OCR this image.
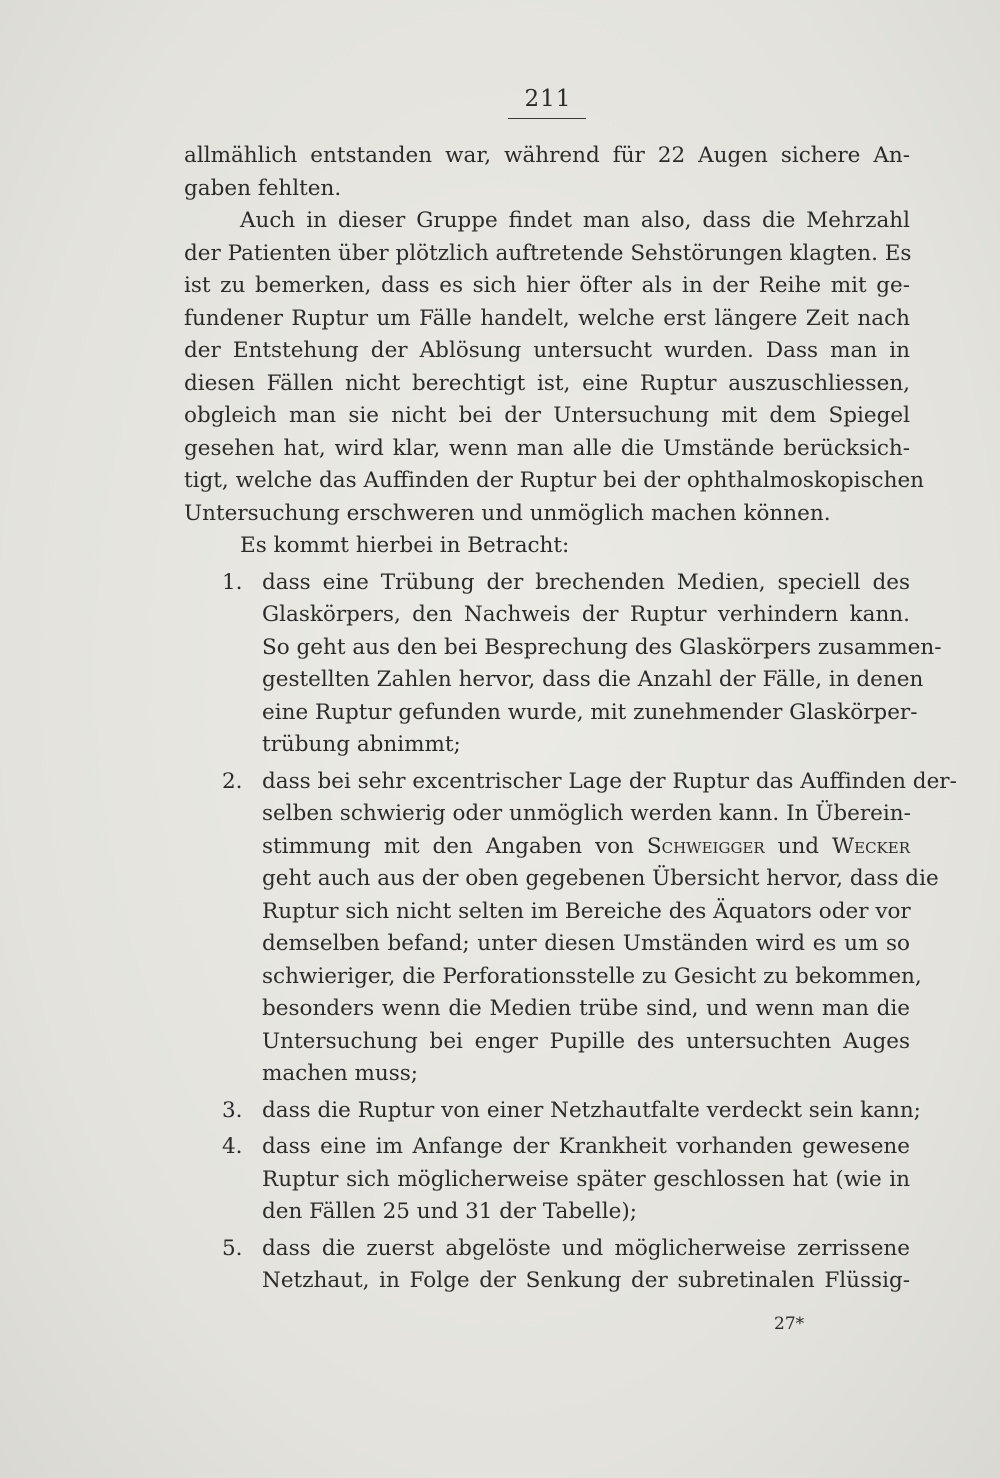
211

allmählich entstanden war, während für 22 Augen sichere An-
gaben fehlten.

Auch in dieser Gruppe findet man also, dass die Mehrzahl
der Patienten über plötzlich auftretende Sehstörungen klagten. Es
ist zu bemerken, dass es sich hier öfter als in der Reihe mit ge-
fundener Ruptur um Fälle handelt, welche erst längere Zeit nach
der Entstehung der Ablösung untersucht wurden. Dass man in
diesen Fällen nicht berechtigt ist, eine Ruptur auszuschliessen,
obgleich man sie nicht bei der Untersuchung mit dem Spiegel
gesehen hat, wird klar, wenn man alle die Umstände berücksich-
tigt, welche das Auffinden der Ruptur bei der ophthalmoskopischen
Untersuchung erschweren und unmöglich machen können.

Es kommt hierbei in Betracht:

1. dass eine Trübung der brechenden Medien, speciell des
Glaskörpers, den Nachweis der Ruptur verhindern kann.
So geht aus den bei Besprechung des Glaskörpers zusammen-
gestellten Zahlen hervor, dass die Anzahl der Fälle, in denen
eine Ruptur gefunden wurde, mit zunehmender Glaskörper-
trübung abnimmt;
2. dass bei sehr excentrischer Lage der Ruptur das Auffinden der-
selben schwierig oder unmöglich werden kann. In Überein-
stimmung mit den Angaben von Schweigger und Wecker
geht auch aus der oben gegebenen Übersicht hervor, dass die
Ruptur sich nicht selten im Bereiche des Äquators oder vor
demselben befand; unter diesen Umständen wird es um so
schwieriger, die Perforationsstelle zu Gesicht zu bekommen,
besonders wenn die Medien trübe sind, und wenn man die
Untersuchung bei enger Pupille des untersuchten Auges
machen muss;
3. dass die Ruptur von einer Netzhautfalte verdeckt sein kann;
4. dass eine im Anfange der Krankheit vorhanden gewesene
Ruptur sich möglicherweise später geschlossen hat (wie in
den Fällen 25 und 31 der Tabelle);
5. dass die zuerst abgelöste und möglicherweise zerrissene
Netzhaut, in Folge der Senkung der subretinalen Flüssig-
27*
